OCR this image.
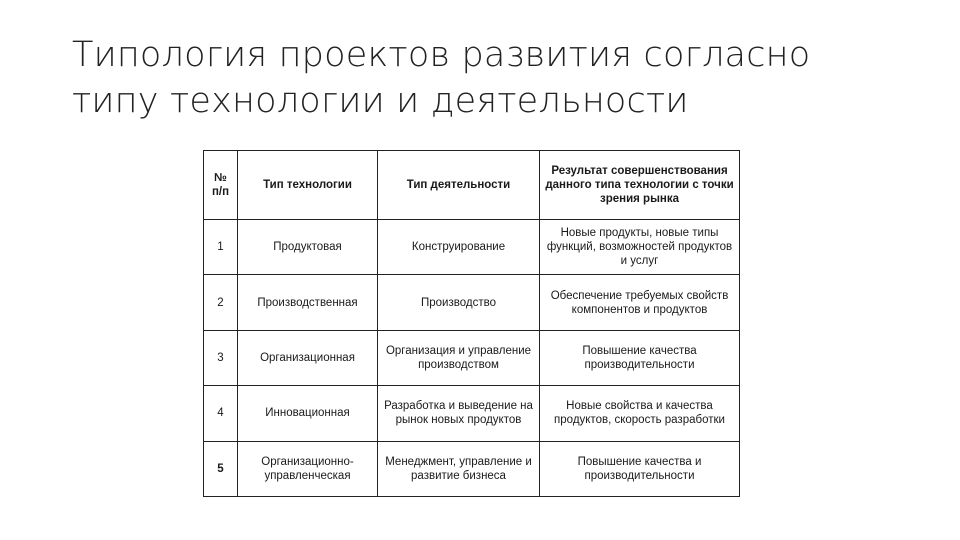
Типология проектов развития согласно
типу технологии и деятельности
№ п/п	Тип технологии	Тип деятельности	Результат совершенствования данного типа технологии с точки зрения рынка
1	Продуктовая	Конструирование	Новые продукты, новые типы функций, возможностей продуктов и услуг
2	Производственная	Производство	Обеспечение требуемых свойств компонентов и продуктов
3	Организационная	Организация и управление производством	Повышение качества производительности
4	Инновационная	Разработка и выведение на рынок новых продуктов	Новые свойства и качества продуктов, скорость разработки
5	Организационно-управленческая	Менеджмент, управление и развитие бизнеса	Повышение качества и производительности
